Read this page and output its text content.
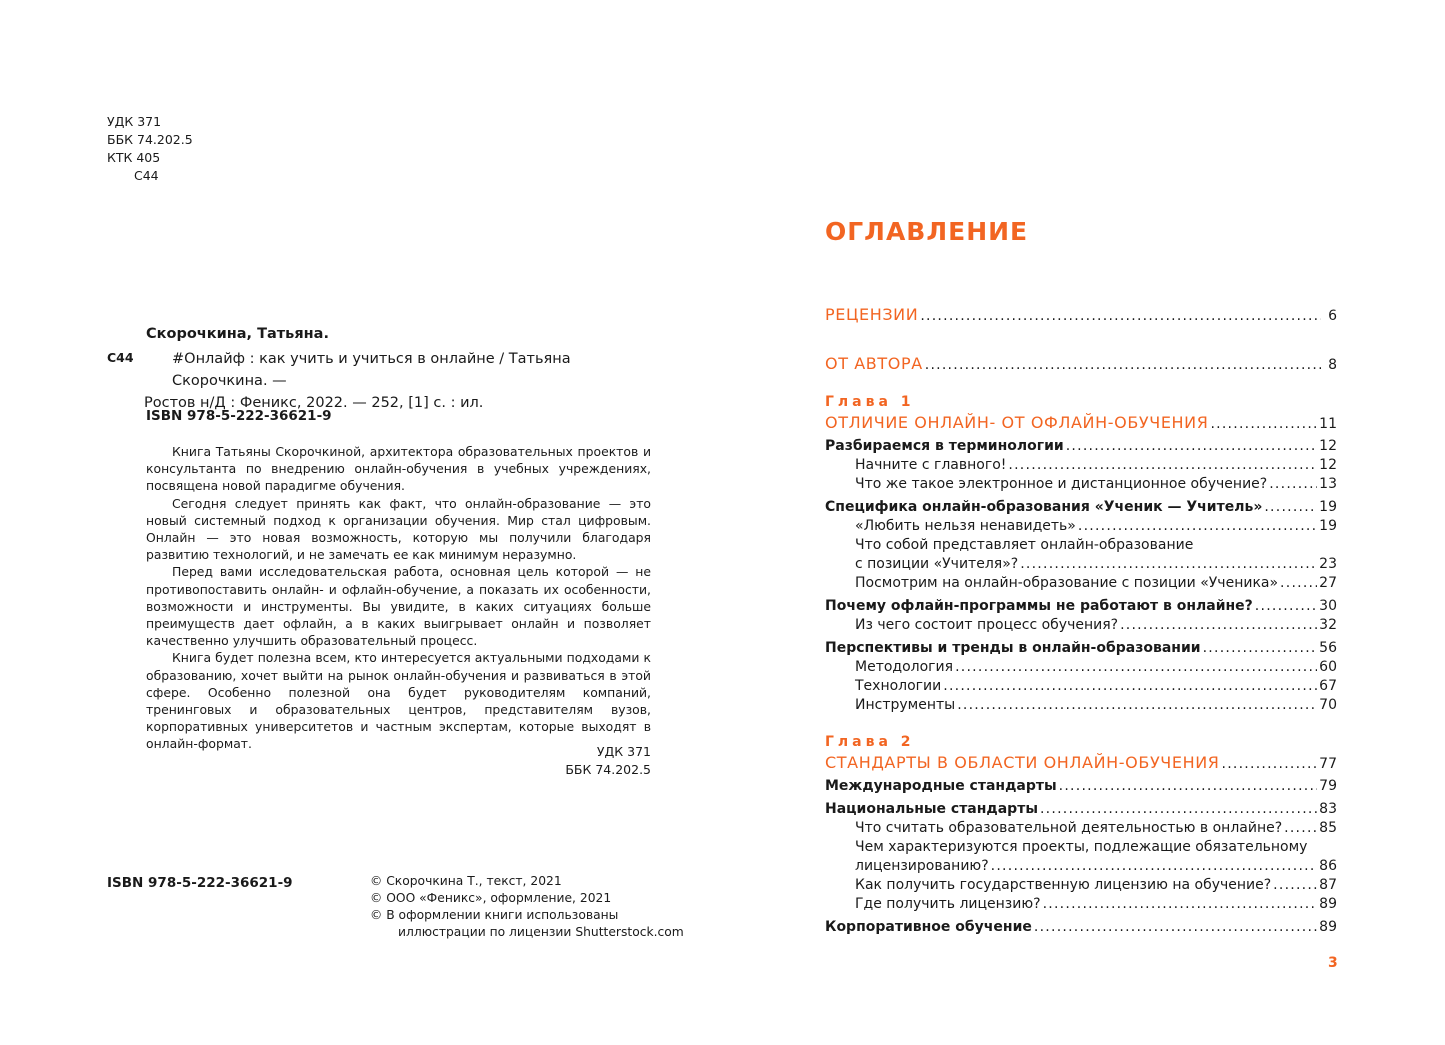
УДК 371
ББК 74.202.5
КТК 405
С44
Скорочкина, Татьяна.
С44	#Онлайф : как учить и учиться в онлайне / Татьяна Скорочкина. —
Ростов н/Д : Феникс, 2022. — 252, [1] с. : ил.
ISBN 978-5-222-36621-9

Книга Татьяны Скорочкиной, архитектора образовательных проектов и консультанта по внедрению онлайн-обучения в учебных учреждениях, посвящена новой парадигме обучения.

Сегодня следует принять как факт, что онлайн-образование — это новый системный подход к организации обучения. Мир стал цифровым. Онлайн — это новая возможность, которую мы получили благодаря развитию технологий, и не замечать ее как минимум неразумно.

Перед вами исследовательская работа, основная цель которой — не противопоставить онлайн- и офлайн-обучение, а показать их особенности, возможности и инструменты. Вы увидите, в каких ситуациях больше преимуществ дает офлайн, а в каких выигрывает онлайн и позволяет качественно улучшить образовательный процесс.

Книга будет полезна всем, кто интересуется актуальными подходами к образованию, хочет выйти на рынок онлайн-обучения и развиваться в этой сфере. Особенно полезной она будет руководителям компаний, тренинговых и образовательных центров, представителям вузов, корпоративных университетов и частным экспертам, которые выходят в онлайн-формат.

УДК 371
ББК 74.202.5
ISBN 978-5-222-36621-9	© Скорочкина Т., текст, 2021
© ООО «Феникс», оформление, 2021
© В оформлении книги использованы
иллюстрации по лицензии Shutterstock.com
ОГЛАВЛЕНИЕ
РЕЦЕНЗИИ . . .	6
ОТ АВТОРА . . .	8
Глава 1
ОТЛИЧИЕ ОНЛАЙН- ОТ ОФЛАЙН-ОБУЧЕНИЯ . . .	11
Разбираемся в терминологии . . .	12
Начните с главного! . . .	12
Что же такое электронное и дистанционное обучение? . . .	13
Специфика онлайн-образования «Ученик — Учитель» . . .	19
«Любить нельзя ненавидеть» . . .	19
Что собой представляет онлайн-образование
с позиции «Учителя»? . . .	23
Посмотрим на онлайн-образование с позиции «Ученика» . . .	27
Почему офлайн-программы не работают в онлайне? . . .	30
Из чего состоит процесс обучения? . . .	32
Перспективы и тренды в онлайн-образовании . . .	56
Методология . . .	60
Технологии . . .	67
Инструменты . . .	70
Глава 2
СТАНДАРТЫ В ОБЛАСТИ ОНЛАЙН-ОБУЧЕНИЯ . . .	77
Международные стандарты . . .	79
Национальные стандарты . . .	83
Что считать образовательной деятельностью в онлайне? . . .	85
Чем характеризуются проекты, подлежащие обязательному
лицензированию? . . .	86
Как получить государственную лицензию на обучение? . . .	87
Где получить лицензию? . . .	89
Корпоративное обучение . . .	89
3
